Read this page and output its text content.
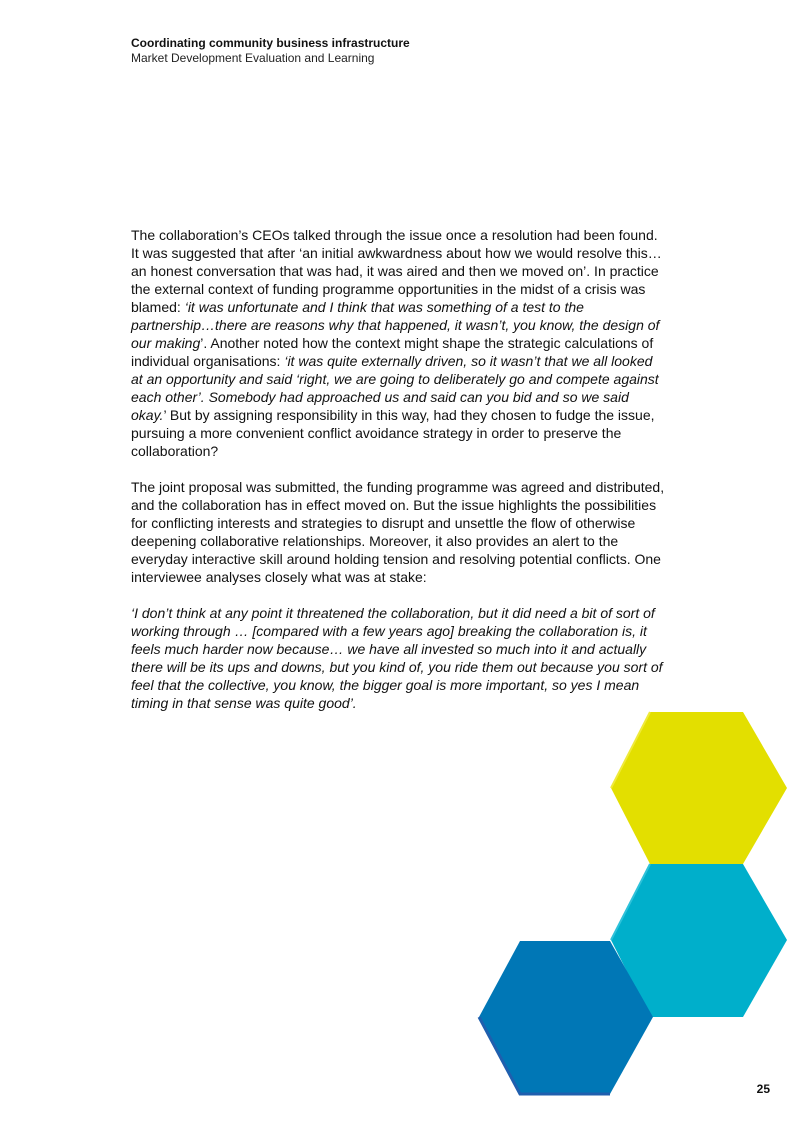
Coordinating community business infrastructure
Market Development Evaluation and Learning

The collaboration’s CEOs talked through the issue once a resolution had been found. It was suggested that after ‘an initial awkwardness about how we would resolve this…an honest conversation that was had, it was aired and then we moved on’. In practice the external context of funding programme opportunities in the midst of a crisis was blamed: ‘it was unfortunate and I think that was something of a test to the partnership…there are reasons why that happened, it wasn’t, you know, the design of our making’. Another noted how the context might shape the strategic calculations of individual organisations: ‘it was quite externally driven, so it wasn’t that we all looked at an opportunity and said ‘right, we are going to deliberately go and compete against each other’. Somebody had approached us and said can you bid and so we said okay.’ But by assigning responsibility in this way, had they chosen to fudge the issue, pursuing a more convenient conflict avoidance strategy in order to preserve the collaboration?

The joint proposal was submitted, the funding programme was agreed and distributed, and the collaboration has in effect moved on. But the issue highlights the possibilities for conflicting interests and strategies to disrupt and unsettle the flow of otherwise deepening collaborative relationships. Moreover, it also provides an alert to the everyday interactive skill around holding tension and resolving potential conflicts. One interviewee analyses closely what was at stake:

‘I don’t think at any point it threatened the collaboration, but it did need a bit of sort of working through … [compared with a few years ago] breaking the collaboration is, it feels much harder now because… we have all invested so much into it and actually there will be its ups and downs, but you kind of, you ride them out because you sort of feel that the collective, you know, the bigger goal is more important, so yes I mean timing in that sense was quite good’.

25
